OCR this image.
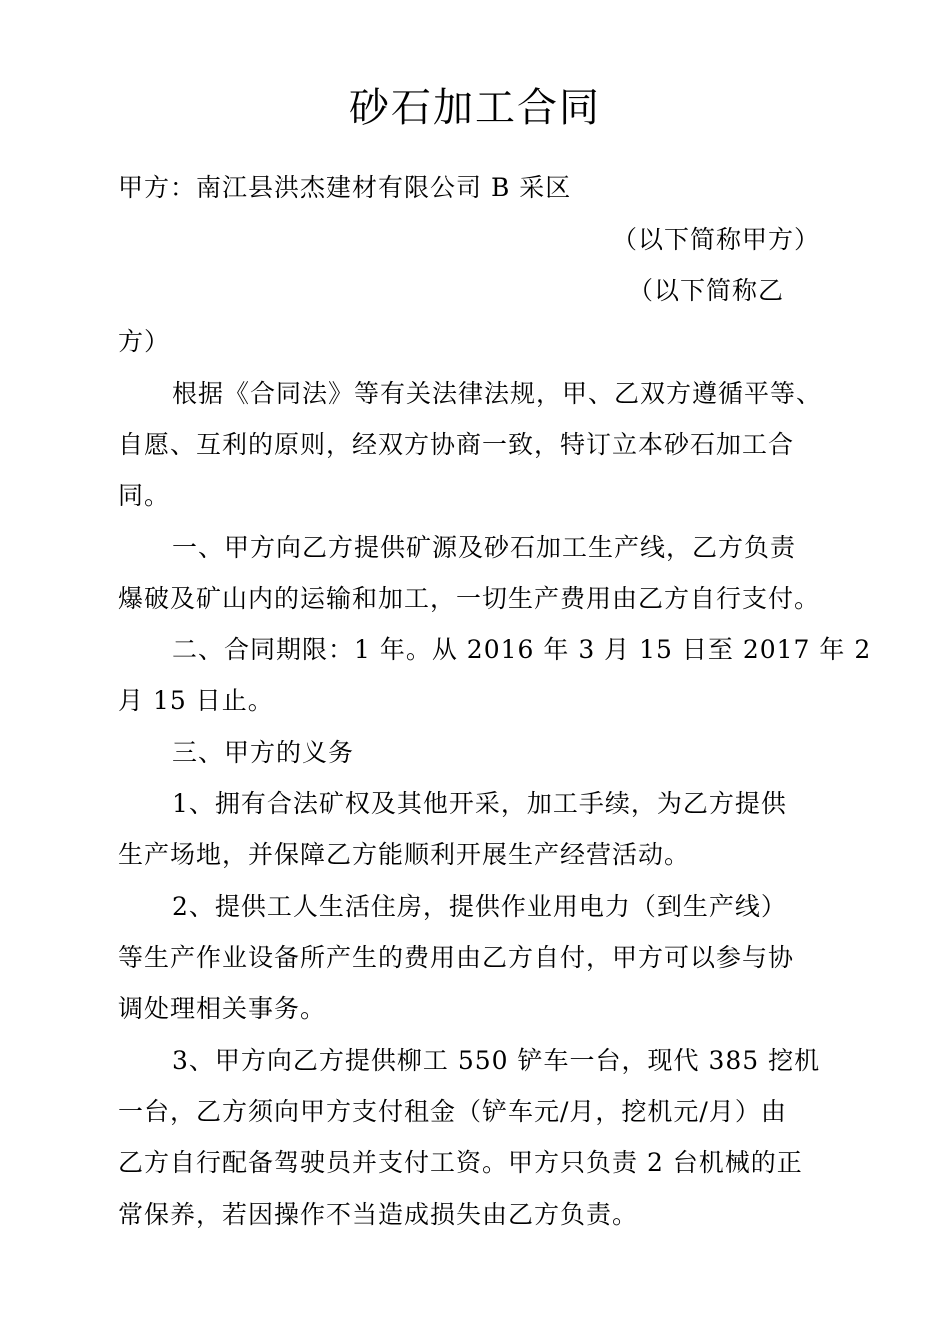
砂石加工合同
甲方：南江县洪杰建材有限公司 B 采区
（以下简称甲方）
（以下简称乙
方）
根据《合同法》等有关法律法规，甲、乙双方遵循平等、
自愿、互利的原则，经双方协商一致，特订立本砂石加工合
同。
一、甲方向乙方提供矿源及砂石加工生产线，乙方负责
爆破及矿山内的运输和加工，一切生产费用由乙方自行支付。
二、合同期限：1 年。从 2016 年 3 月 15 日至 2017 年 2
月 15 日止。
三、甲方的义务
1、拥有合法矿权及其他开采，加工手续，为乙方提供
生产场地，并保障乙方能顺利开展生产经营活动。
2、提供工人生活住房，提供作业用电力（到生产线）
等生产作业设备所产生的费用由乙方自付，甲方可以参与协
调处理相关事务。
3、甲方向乙方提供柳工 550 铲车一台，现代 385 挖机
一台，乙方须向甲方支付租金（铲车元/月，挖机元/月）由
乙方自行配备驾驶员并支付工资。甲方只负责 2 台机械的正
常保养，若因操作不当造成损失由乙方负责。
